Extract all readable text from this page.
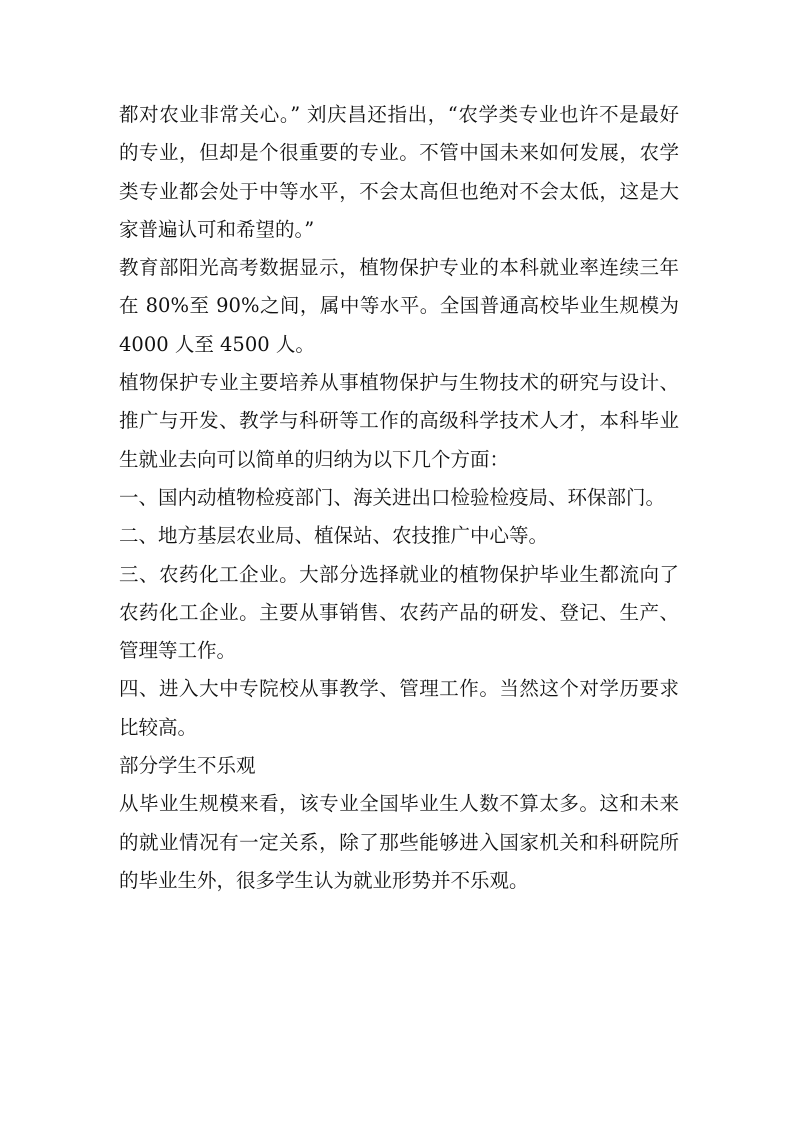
都对农业非常关心。” 刘庆昌还指出，“农学类专业也许不是最好的专业，但却是个很重要的专业。不管中国未来如何发展，农学类专业都会处于中等水平，不会太高但也绝对不会太低，这是大家普遍认可和希望的。”

教育部阳光高考数据显示，植物保护专业的本科就业率连续三年在 80%至 90%之间，属中等水平。全国普通高校毕业生规模为 4000 人至 4500 人。

植物保护专业主要培养从事植物保护与生物技术的研究与设计、推广与开发、教学与科研等工作的高级科学技术人才，本科毕业生就业去向可以简单的归纳为以下几个方面：

一、国内动植物检疫部门、海关进出口检验检疫局、环保部门。

二、地方基层农业局、植保站、农技推广中心等。

三、农药化工企业。大部分选择就业的植物保护毕业生都流向了农药化工企业。主要从事销售、农药产品的研发、登记、生产、管理等工作。

四、进入大中专院校从事教学、管理工作。当然这个对学历要求比较高。

部分学生不乐观

从毕业生规模来看，该专业全国毕业生人数不算太多。这和未来的就业情况有一定关系，除了那些能够进入国家机关和科研院所的毕业生外，很多学生认为就业形势并不乐观。
